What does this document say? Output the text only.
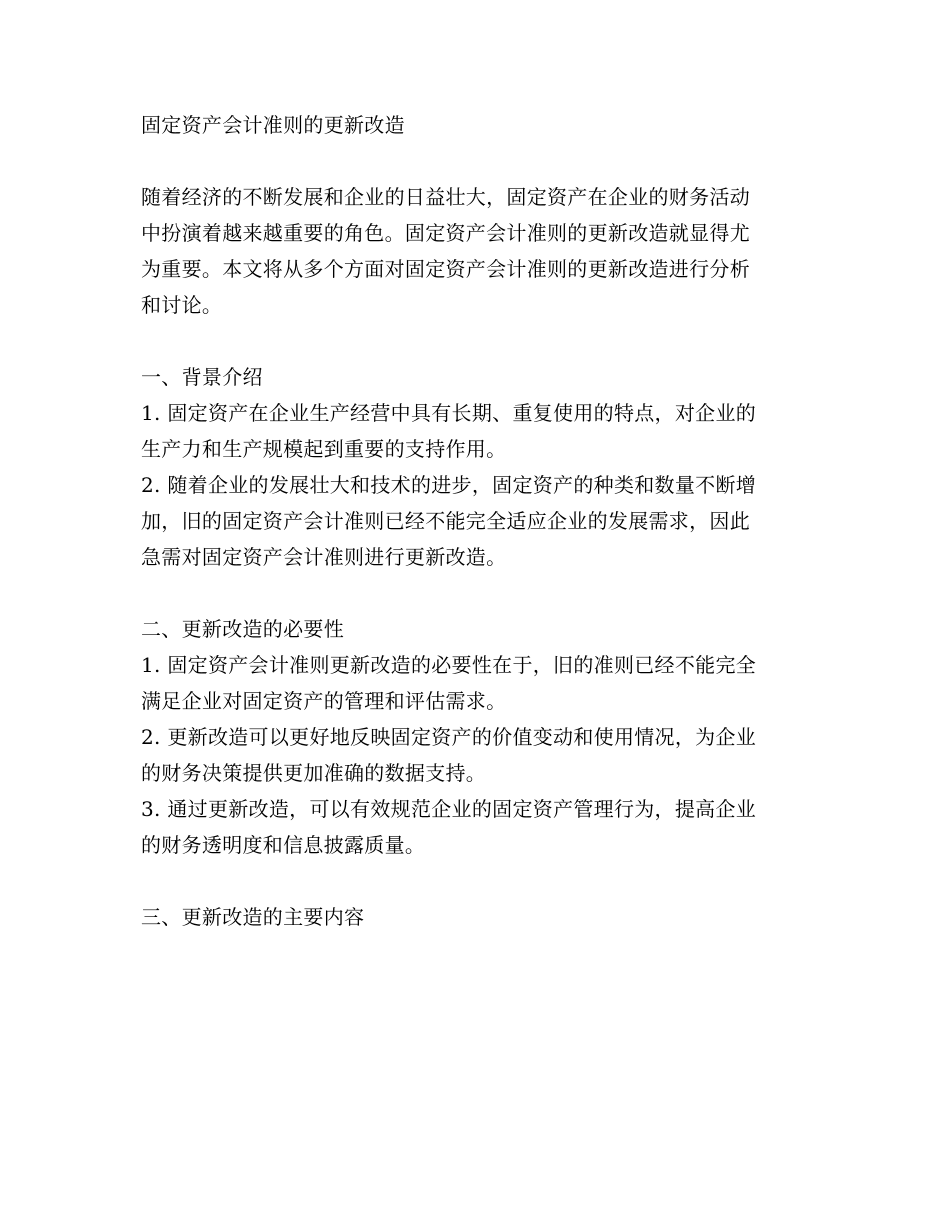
固定资产会计准则的更新改造

随着经济的不断发展和企业的日益壮大，固定资产在企业的财务活动

中扮演着越来越重要的角色。固定资产会计准则的更新改造就显得尤

为重要。本文将从多个方面对固定资产会计准则的更新改造进行分析

和讨论。

一、背景介绍

1. 固定资产在企业生产经营中具有长期、重复使用的特点，对企业的

生产力和生产规模起到重要的支持作用。

2. 随着企业的发展壮大和技术的进步，固定资产的种类和数量不断增

加，旧的固定资产会计准则已经不能完全适应企业的发展需求，因此

急需对固定资产会计准则进行更新改造。

二、更新改造的必要性

1. 固定资产会计准则更新改造的必要性在于，旧的准则已经不能完全

满足企业对固定资产的管理和评估需求。

2. 更新改造可以更好地反映固定资产的价值变动和使用情况，为企业

的财务决策提供更加准确的数据支持。

3. 通过更新改造，可以有效规范企业的固定资产管理行为，提高企业

的财务透明度和信息披露质量。

三、更新改造的主要内容
